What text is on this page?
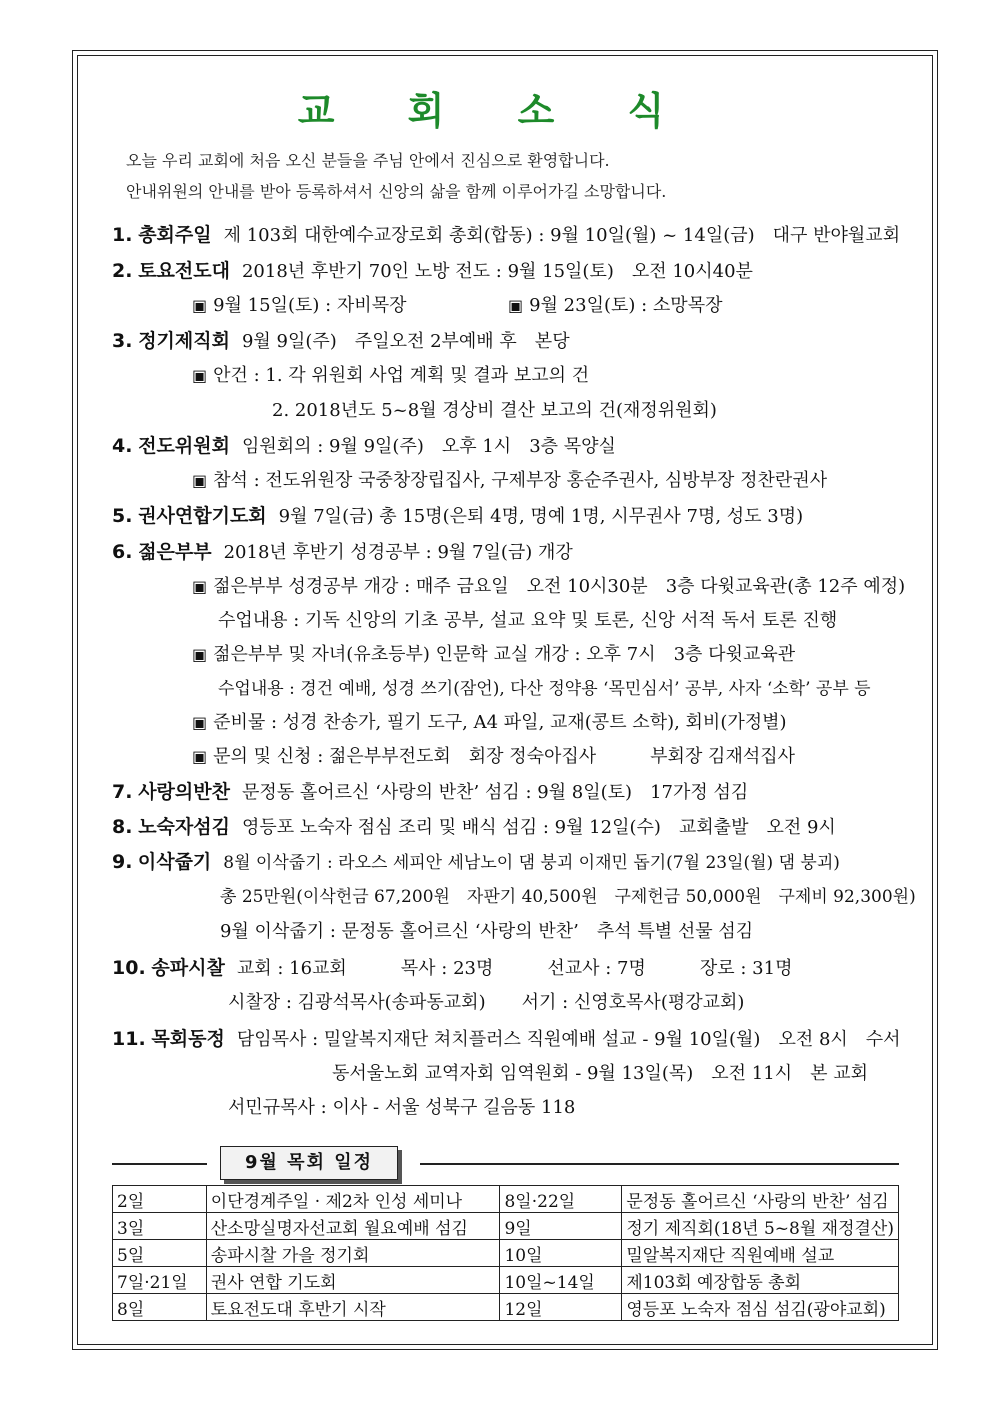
교 회 소 식
오늘 우리 교회에 처음 오신 분들을 주님 안에서 진심으로 환영합니다.
안내위원의 안내를 받아 등록하셔서 신앙의 삶을 함께 이루어가길 소망합니다.
1. 총회주일 제 103회 대한예수교장로회 총회(합동) : 9월 10일(월) ~ 14일(금)　대구 반야월교회
2. 토요전도대 2018년 후반기 70인 노방 전도 : 9월 15일(토)　오전 10시40분
▣ 9월 15일(토) : 자비목장	▣ 9월 23일(토) : 소망목장
3. 정기제직회 9월 9일(주)　주일오전 2부예배 후　본당
▣ 안건 : 1. 각 위원회 사업 계획 및 결과 보고의 건
2. 2018년도 5~8월 경상비 결산 보고의 건(재정위원회)
4. 전도위원회 임원회의 : 9월 9일(주)　오후 1시　3층 목양실
▣ 참석 : 전도위원장 국중창장립집사, 구제부장 홍순주권사, 심방부장 정찬란권사
5. 권사연합기도회 9월 7일(금) 총 15명(은퇴 4명, 명예 1명, 시무권사 7명, 성도 3명)
6. 젊은부부 2018년 후반기 성경공부 : 9월 7일(금) 개강
▣ 젊은부부 성경공부 개강 : 매주 금요일　오전 10시30분　3층 다윗교육관(총 12주 예정)
수업내용 : 기독 신앙의 기초 공부, 설교 요약 및 토론, 신앙 서적 독서 토론 진행
▣ 젊은부부 및 자녀(유초등부) 인문학 교실 개강 : 오후 7시　3층 다윗교육관
수업내용 : 경건 예배, 성경 쓰기(잠언), 다산 정약용 ‘목민심서’ 공부, 사자 ‘소학’ 공부 등
▣ 준비물 : 성경 찬송가, 필기 도구, A4 파일, 교재(콩트 소학), 회비(가정별)
▣ 문의 및 신청 : 젊은부부전도회　회장 정숙아집사　　　부회장 김재석집사
7. 사랑의반찬 문정동 홀어르신 ‘사랑의 반찬’ 섬김 : 9월 8일(토)　17가정 섬김
8. 노숙자섬김 영등포 노숙자 점심 조리 및 배식 섬김 : 9월 12일(수)　교회출발　오전 9시
9. 이삭줍기 8월 이삭줍기 : 라오스 세피안 세남노이 댐 붕괴 이재민 돕기(7월 23일(월) 댐 붕괴)
총 25만원(이삭헌금 67,200원　자판기 40,500원　구제헌금 50,000원　구제비 92,300원)
9월 이삭줍기 : 문정동 홀어르신 ‘사랑의 반찬’　추석 특별 선물 섬김
10. 송파시찰 교회 : 16교회　　　목사 : 23명　　　선교사 : 7명　　　장로 : 31명
시찰장 : 김광석목사(송파동교회)　　서기 : 신영호목사(평강교회)
11. 목회동정 담임목사 : 밀알복지재단 쳐치플러스 직원예배 설교 - 9월 10일(월)　오전 8시　수서
동서울노회 교역자회 임역원회 - 9월 13일(목)　오전 11시　본 교회
서민규목사 : 이사 - 서울 성북구 길음동 118
9월 목회 일정
2일	이단경계주일 · 제2차 인성 세미나	8일·22일	문정동 홀어르신 ‘사랑의 반찬’ 섬김
3일	산소망실명자선교회 월요예배 섬김	9일	정기 제직회(18년 5~8월 재정결산)
5일	송파시찰 가을 정기회	10일	밀알복지재단 직원예배 설교
7일·21일	권사 연합 기도회	10일~14일	제103회 예장합동 총회
8일	토요전도대 후반기 시작	12일	영등포 노숙자 점심 섬김(광야교회)
